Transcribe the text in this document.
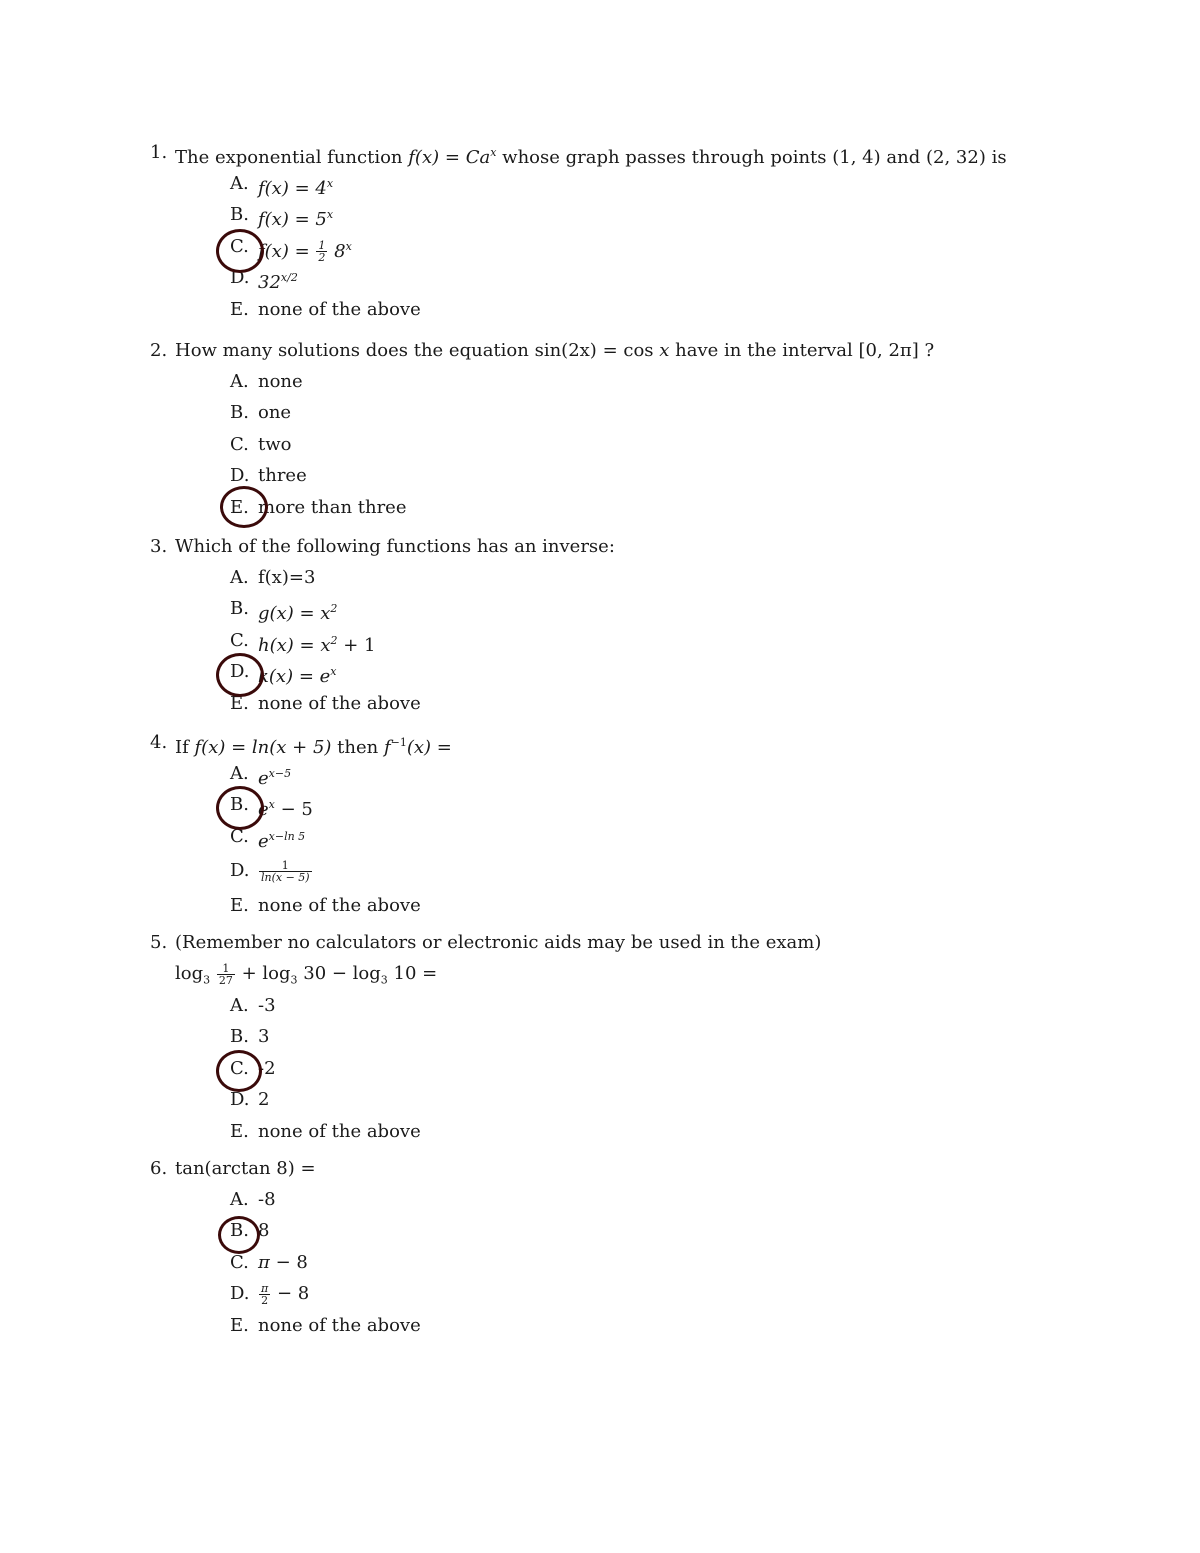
1. The exponential function $f(x) = Ca^x$ whose graph passes through points (1, 4) and (2, 32) is
A. $f(x) = 4^x$
B. $f(x) = 5^x$
C. $f(x) = \frac{1}{2} 8^x$
D. $32^{x/2}$
E. none of the above
2. How many solutions does the equation sin(2x) = cos x have in the interval [0, 2π] ?
A. none
B. one
C. two
D. three
E. more than three
3. Which of the following functions has an inverse:
A. f(x)=3
B. $g(x) = x^2$
C. $h(x) = x^2 + 1$
D. $k(x) = e^x$
E. none of the above
4. If f(x) = ln(x + 5) then $f^{-1}(x)$ =
A. $e^{x-5}$
B. $e^x - 5$
C. $e^{x-ln 5}$
D. $\frac{1}{\ln(x - 5)}$
E. none of the above
5. (Remember no calculators or electronic aids may be used in the exam)
$\log_3 \frac{1}{27} + \log_3 30 - \log_3 10$ =
A. -3
B. 3
C. -2
D. 2
E. none of the above
6. tan(arctan 8) =
A. -8
B. 8
C. π − 8
D. $\frac{\pi}{2} - 8$
E. none of the above
